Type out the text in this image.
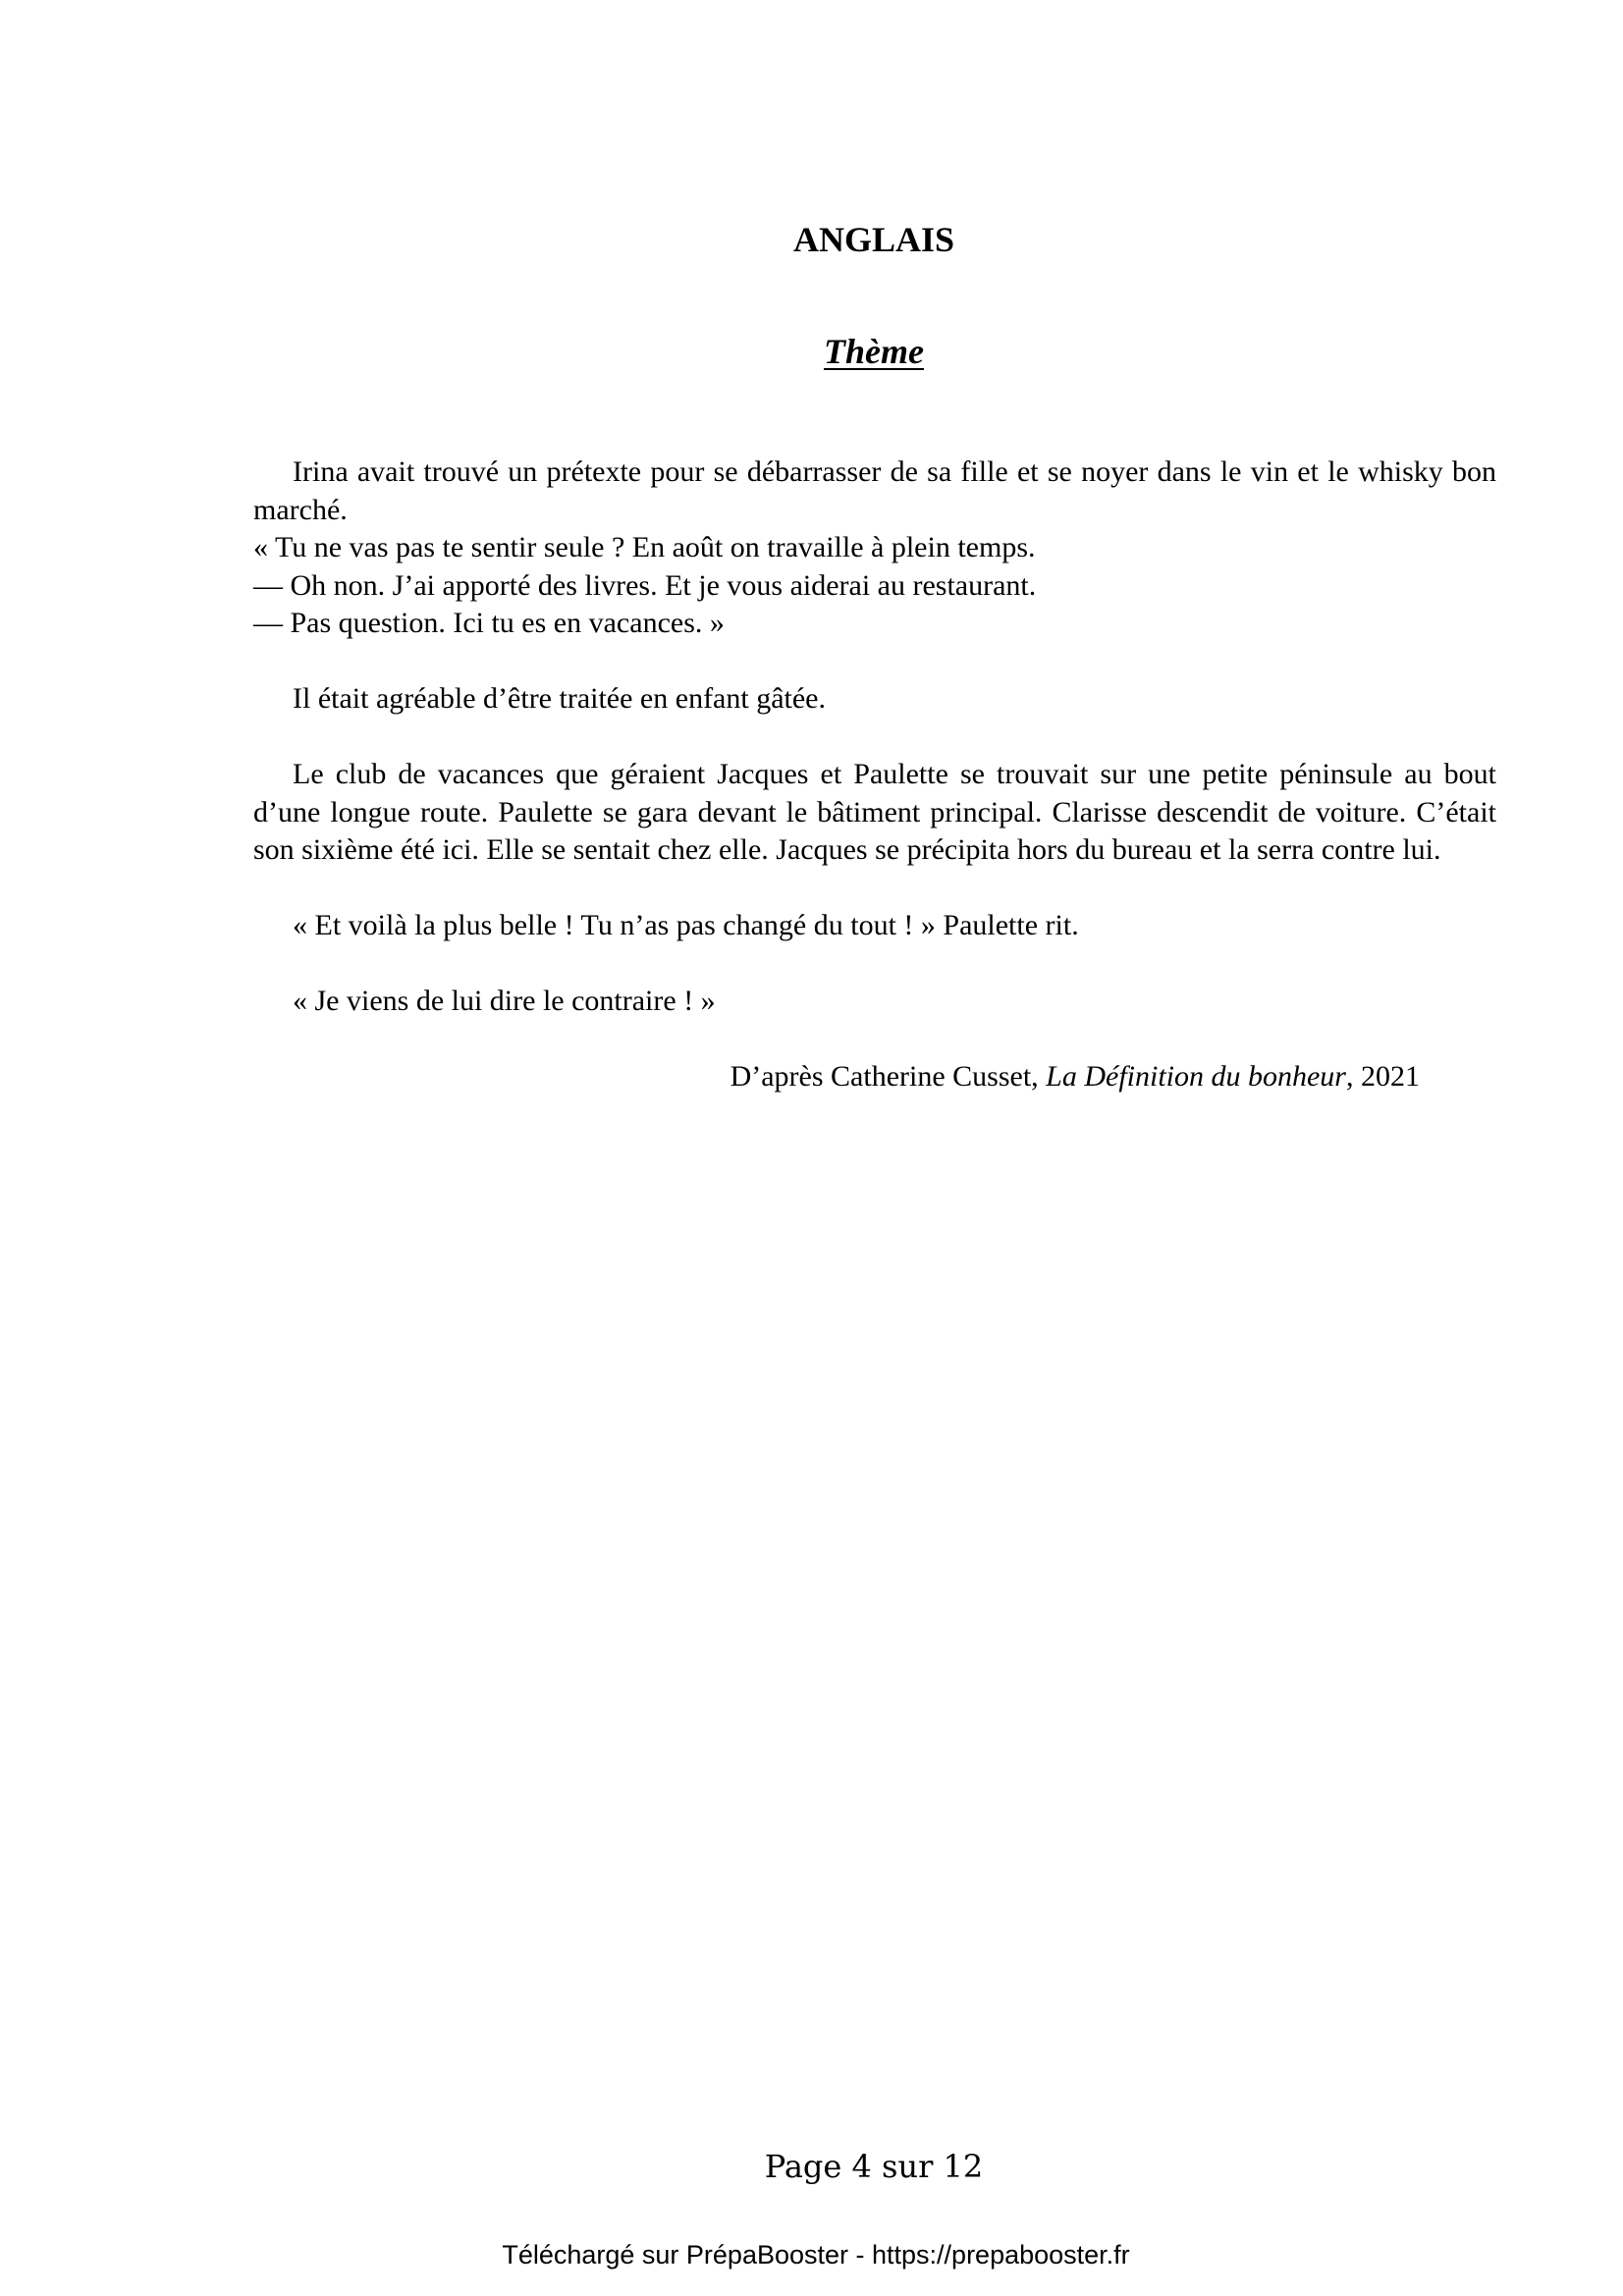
ANGLAIS
Thème

Irina avait trouvé un prétexte pour se débarrasser de sa fille et se noyer dans le vin et le whisky bon marché.

« Tu ne vas pas te sentir seule ? En août on travaille à plein temps.

— Oh non. J’ai apporté des livres. Et je vous aiderai au restaurant.

— Pas question. Ici tu es en vacances. »

Il était agréable d’être traitée en enfant gâtée.

Le club de vacances que géraient Jacques et Paulette se trouvait sur une petite péninsule au bout d’une longue route. Paulette se gara devant le bâtiment principal. Clarisse descendit de voiture. C’était son sixième été ici. Elle se sentait chez elle. Jacques se précipita hors du bureau et la serra contre lui.

« Et voilà la plus belle ! Tu n’as pas changé du tout ! » Paulette rit.

« Je viens de lui dire le contraire ! »

D’après Catherine Cusset, La Définition du bonheur, 2021

Page 4 sur 12

Téléchargé sur PrépaBooster - https://prepabooster.fr
